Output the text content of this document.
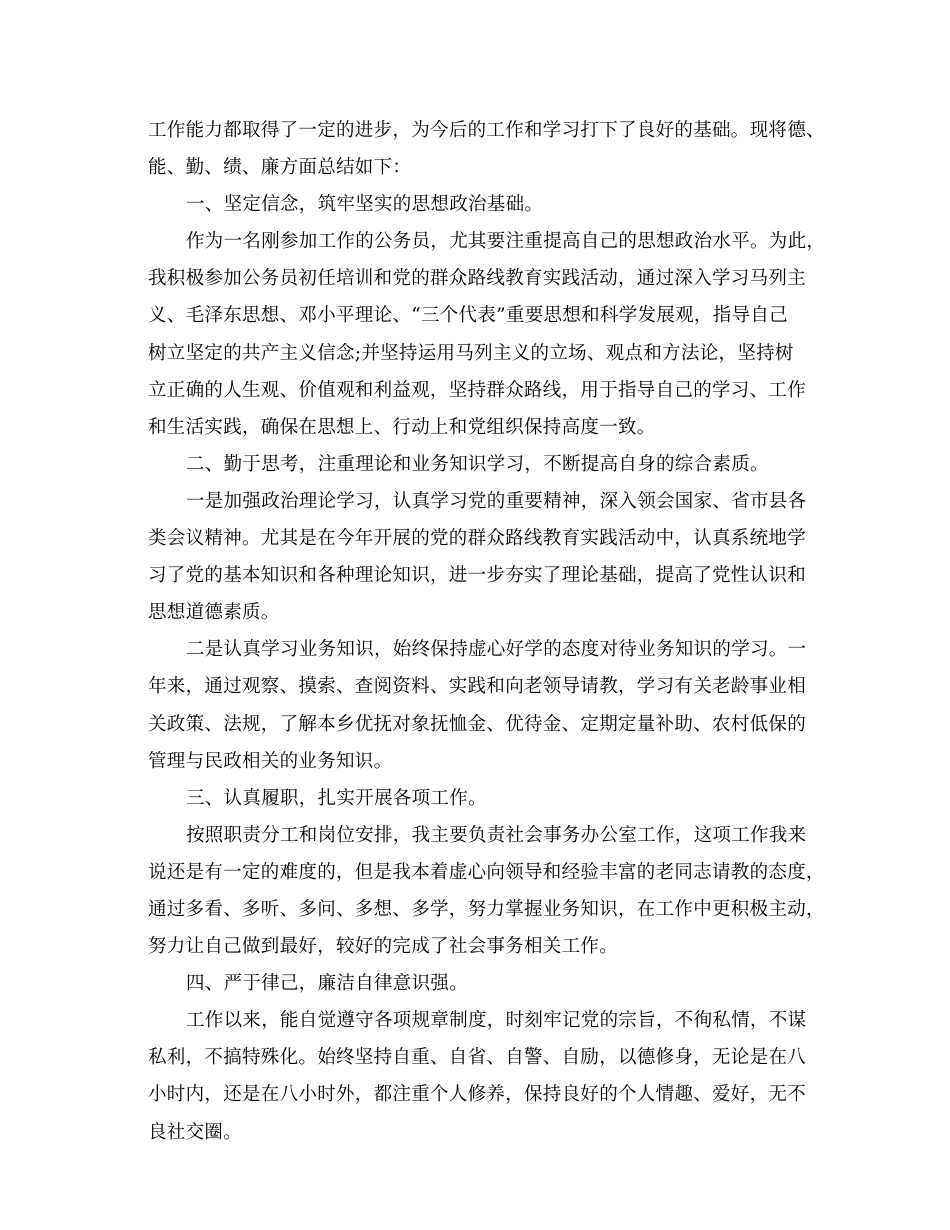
工作能力都取得了一定的进步，为今后的工作和学习打下了良好的基础。现将德、
能、勤、绩、廉方面总结如下：
一、坚定信念，筑牢坚实的思想政治基础。
作为一名刚参加工作的公务员，尤其要注重提高自己的思想政治水平。为此，
我积极参加公务员初任培训和党的群众路线教育实践活动，通过深入学习马列主
义、毛泽东思想、邓小平理论、“三个代表”重要思想和科学发展观，指导自己
树立坚定的共产主义信念;并坚持运用马列主义的立场、观点和方法论，坚持树
立正确的人生观、价值观和利益观，坚持群众路线，用于指导自己的学习、工作
和生活实践，确保在思想上、行动上和党组织保持高度一致。
二、勤于思考，注重理论和业务知识学习，不断提高自身的综合素质。
一是加强政治理论学习，认真学习党的重要精神，深入领会国家、省市县各
类会议精神。尤其是在今年开展的党的群众路线教育实践活动中，认真系统地学
习了党的基本知识和各种理论知识，进一步夯实了理论基础，提高了党性认识和
思想道德素质。
二是认真学习业务知识，始终保持虚心好学的态度对待业务知识的学习。一
年来，通过观察、摸索、查阅资料、实践和向老领导请教，学习有关老龄事业相
关政策、法规，了解本乡优抚对象抚恤金、优待金、定期定量补助、农村低保的
管理与民政相关的业务知识。
三、认真履职，扎实开展各项工作。
按照职责分工和岗位安排，我主要负责社会事务办公室工作，这项工作我来
说还是有一定的难度的，但是我本着虚心向领导和经验丰富的老同志请教的态度，
通过多看、多听、多问、多想、多学，努力掌握业务知识，在工作中更积极主动，
努力让自己做到最好，较好的完成了社会事务相关工作。
四、严于律己，廉洁自律意识强。
工作以来，能自觉遵守各项规章制度，时刻牢记党的宗旨，不徇私情，不谋
私利，不搞特殊化。始终坚持自重、自省、自警、自励，以德修身，无论是在八
小时内，还是在八小时外，都注重个人修养，保持良好的个人情趣、爱好，无不
良社交圈。
